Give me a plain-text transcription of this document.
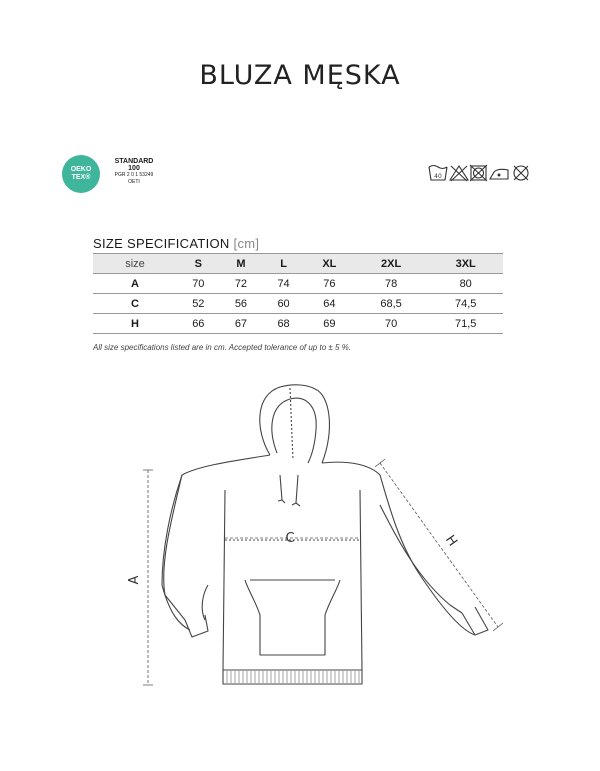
BLUZA MĘSKA
OEKO
TEX®
STANDARD
100
PGR 2 0 1 53249
OETI
40
SIZE SPECIFICATION [cm]
size	S	M	L	XL	2XL	3XL
A	70	72	74	76	78	80
C	52	56	60	64	68,5	74,5
H	66	67	68	69	70	71,5
All size specifications listed are in cm. Accepted tolerance of up to ± 5 %.
A
C	H
